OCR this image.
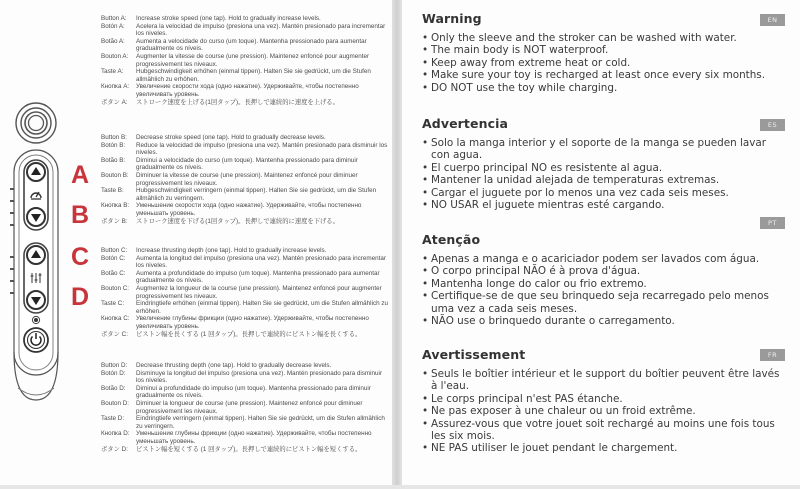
A
B
C
D
Button A:	Increase stroke speed (one tap). Hold to gradually increase levels.
Botón A:	Acelera la velocidad de impulso (presiona una vez). Mantén presionado para incrementar los niveles.
Botão A:	Aumenta a velocidade do curso (um toque). Mantenha pressionado para aumentar gradualmente os níveis.
Bouton A:	Augmenter la vitesse de course (une pression). Maintenez enfoncé pour augmenter progressivement les niveaux.
Taste A:	Hubgeschwindigkeit erhöhen (einmal tippen). Halten Sie sie gedrückt, um die Stufen allmählich zu erhöhen.
Кнопка A:	Увеличение скорости хода (одно нажатие). Удерживайте, чтобы постепенно увеличивать уровень.
ボタン A:	ストローク速度を上げる(1回タップ)。長押しで連続的に速度を上げる。
Button B:	Decrease stroke speed (one tap). Hold to gradually decrease levels.
Botón B:	Reduce la velocidad de impulso (presiona una vez). Mantén presionado para disminuir los niveles.
Botão B:	Diminui a velocidade do curso (um toque). Mantenha pressionado para diminuir gradualmente os níveis.
Bouton B:	Diminuer la vitesse de course (une pression). Maintenez enfoncé pour diminuer progressivement les niveaux.
Taste B:	Hubgeschwindigkeit verringern (einmal tippen). Halten Sie sie gedrückt, um die Stufen allmählich zu verringern.
Кнопка B:	Уменьшение скорости хода (одно нажатие). Удерживайте, чтобы постепенно уменьшать уровень.
ボタン B:	ストローク速度を下げる(1回タップ)。長押しで連続的に速度を下げる。
Button C:	Increase thrusting depth (one tap). Hold to gradually increase levels.
Botón C:	Aumenta la longitud del impulso (presiona una vez). Mantén presionado para incrementar los niveles.
Botão C:	Aumenta a profundidade do impulso (um toque). Mantenha pressionado para aumentar gradualmente os níveis.
Bouton C:	Augmentez la longueur de la course (une pression). Maintenez enfoncé pour augmenter progressivement les niveaux.
Taste C:	Eindringtiefe erhöhen (einmal tippen). Halten Sie sie gedrückt, um die Stufen allmählich zu erhöhen.
Кнопка C:	Увеличение глубины фрикции (одно нажатие). Удерживайте, чтобы постепенно увеличивать уровень.
ボタン C:	ピストン幅を長くする (1 回タップ)。長押しで連続的にピストン幅を長くする。
Button D:	Decrease thrusting depth (one tap). Hold to gradually decrease levels.
Botón D:	Disminuye la longitud del impulso (presiona una vez). Mantén presionado para disminuir los niveles.
Botão D:	Diminui a profundidade do impulso (um toque). Mantenha pressionado para diminuir gradualmente os níveis.
Bouton D:	Diminuer la longueur de course (une pression). Maintenez enfoncé pour diminuer progressivement les niveaux.
Taste D:	Eindringtiefe verringern (einmal tippen). Halten Sie sie gedrückt, um die Stufen allmählich zu verringern.
Кнопка D:	Уменьшение глубины фрикции (одно нажатие). Удерживайте, чтобы постепенно уменьшать уровень.
ボタン D:	ピストン幅を短くする (1 回タップ)。長押しで連続的にピストン幅を短くする。
Warning
• Only the sleeve and the stroker can be washed with water.
• The main body is NOT waterproof.
• Keep away from extreme heat or cold.
• Make sure your toy is recharged at least once every six months.
• DO NOT use the toy while charging.
EN
Advertencia
• Solo la manga interior y el soporte de la manga se pueden lavar con agua.
• El cuerpo principal NO es resistente al agua.
• Mantener la unidad alejada de temperaturas extremas.
• Cargar el juguete por lo menos una vez cada seis meses.
• NO USAR el juguete mientras esté cargando.
ES
PT
Atenção
• Apenas a manga e o acariciador podem ser lavados com água.
• O corpo principal NÃO é à prova d'água.
• Mantenha longe do calor ou frio extremo.
• Certifique-se de que seu brinquedo seja recarregado pelo menos uma vez a cada seis meses.
• NÃO use o brinquedo durante o carregamento.
Avertissement
• Seuls le boîtier intérieur et le support du boîtier peuvent être lavés à l'eau.
• Le corps principal n'est PAS étanche.
• Ne pas exposer à une chaleur ou un froid extrême.
• Assurez-vous que votre jouet soit rechargé au moins une fois tous les six mois.
• NE PAS utiliser le jouet pendant le chargement.
FR
